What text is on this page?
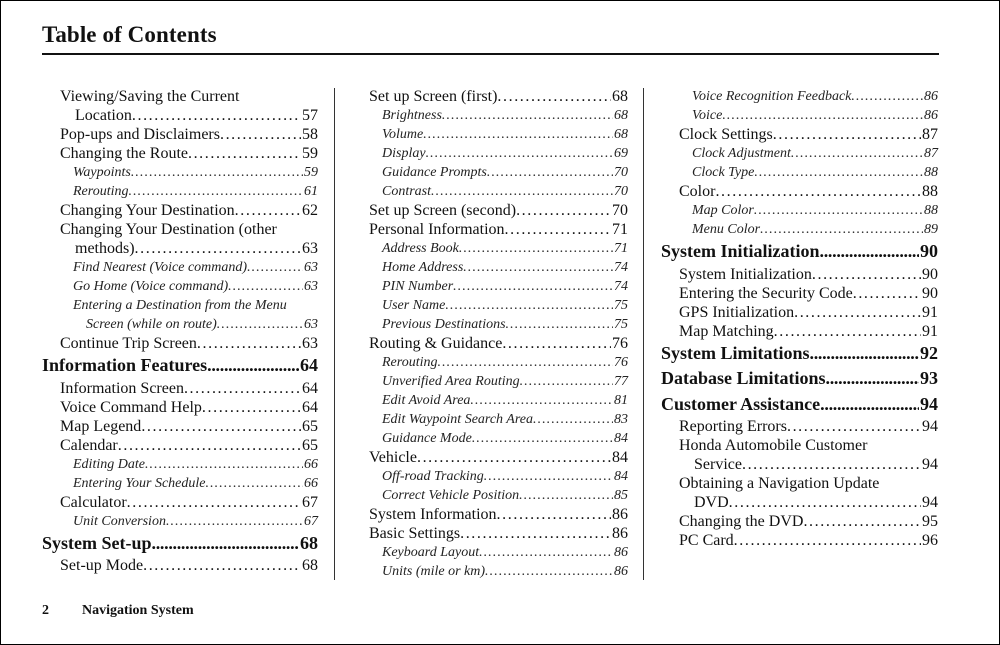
Table of Contents
Viewing/Saving the Current
Location . . .	57
Pop-ups and Disclaimers . . .	58
Changing the Route . . .	59
Waypoints . . .	59
Rerouting . . .	61
Changing Your Destination . . .	62
Changing Your Destination (other
methods) . . .	63
Find Nearest (Voice command) . . .	63
Go Home (Voice command) . . .	63
Entering a Destination from the Menu
Screen (while on route) . . .	63
Continue Trip Screen . . .	63
Information Features . . .	64
Information Screen . . .	64
Voice Command Help . . .	64
Map Legend . . .	65
Calendar . . .	65
Editing Date . . .	66
Entering Your Schedule . . .	66
Calculator . . .	67
Unit Conversion . . .	67
System Set-up . . .	68
Set-up Mode . . .	68
Set up Screen (first) . . .	68
Brightness . . .	68
Volume . . .	68
Display . . .	69
Guidance Prompts . . .	70
Contrast . . .	70
Set up Screen (second) . . .	70
Personal Information . . .	71
Address Book . . .	71
Home Address . . .	74
PIN Number . . .	74
User Name . . .	75
Previous Destinations . . .	75
Routing & Guidance . . .	76
Rerouting . . .	76
Unverified Area Routing . . .	77
Edit Avoid Area . . .	81
Edit Waypoint Search Area . . .	83
Guidance Mode . . .	84
Vehicle . . .	84
Off-road Tracking . . .	84
Correct Vehicle Position . . .	85
System Information . . .	86
Basic Settings . . .	86
Keyboard Layout . . .	86
Units (mile or km) . . .	86
Voice Recognition Feedback . . .	86
Voice . . .	86
Clock Settings . . .	87
Clock Adjustment . . .	87
Clock Type . . .	88
Color . . .	88
Map Color . . .	88
Menu Color . . .	89
System Initialization . . .	90
System Initialization . . .	90
Entering the Security Code . . .	90
GPS Initialization . . .	91
Map Matching . . .	91
System Limitations . . .	92
Database Limitations . . .	93
Customer Assistance . . .	94
Reporting Errors . . .	94
Honda Automobile Customer
Service . . .	94
Obtaining a Navigation Update
DVD . . .	94
Changing the DVD . . .	95
PC Card . . .	96
2 Navigation System
